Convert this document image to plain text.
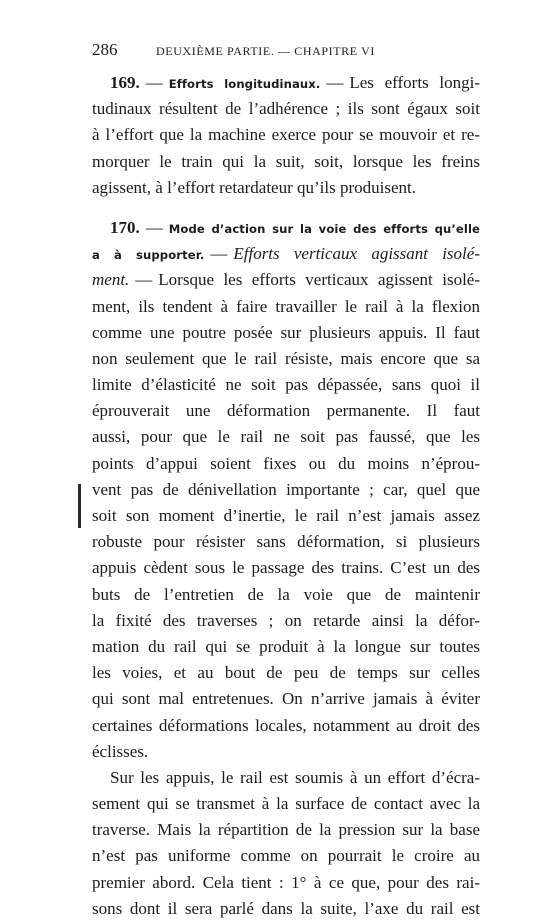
286	DEUXIÈME PARTIE. — CHAPITRE VI
169. — Efforts longitudinaux. — Les efforts longi-
tudinaux résultent de l’adhérence ; ils sont égaux soit
à l’effort que la machine exerce pour se mouvoir et re-
morquer le train qui la suit, soit, lorsque les freins
agissent, à l’effort retardateur qu’ils produisent.
170. — Mode d’action sur la voie des efforts qu’elle
a à supporter. — Efforts verticaux agissant isolé-
ment. — Lorsque les efforts verticaux agissent isolé-
ment, ils tendent à faire travailler le rail à la flexion
comme une poutre posée sur plusieurs appuis. Il faut
non seulement que le rail résiste, mais encore que sa
limite d’élasticité ne soit pas dépassée, sans quoi il
éprouverait une déformation permanente. Il faut
aussi, pour que le rail ne soit pas faussé, que les
points d’appui soient fixes ou du moins n’éprou-
vent pas de dénivellation importante ; car, quel que
soit son moment d’inertie, le rail n’est jamais assez
robuste pour résister sans déformation, si plusieurs
appuis cèdent sous le passage des trains. C’est un des
buts de l’entretien de la voie que de maintenir
la fixité des traverses ; on retarde ainsi la défor-
mation du rail qui se produit à la longue sur toutes
les voies, et au bout de peu de temps sur celles
qui sont mal entretenues. On n’arrive jamais à éviter
certaines déformations locales, notamment au droit des
éclisses.
Sur les appuis, le rail est soumis à un effort d’écra-
sement qui se transmet à la surface de contact avec la
traverse. Mais la répartition de la pression sur la base
n’est pas uniforme comme on pourrait le croire au
premier abord. Cela tient : 1° à ce que, pour des rai-
sons dont il sera parlé dans la suite, l’axe du rail est
